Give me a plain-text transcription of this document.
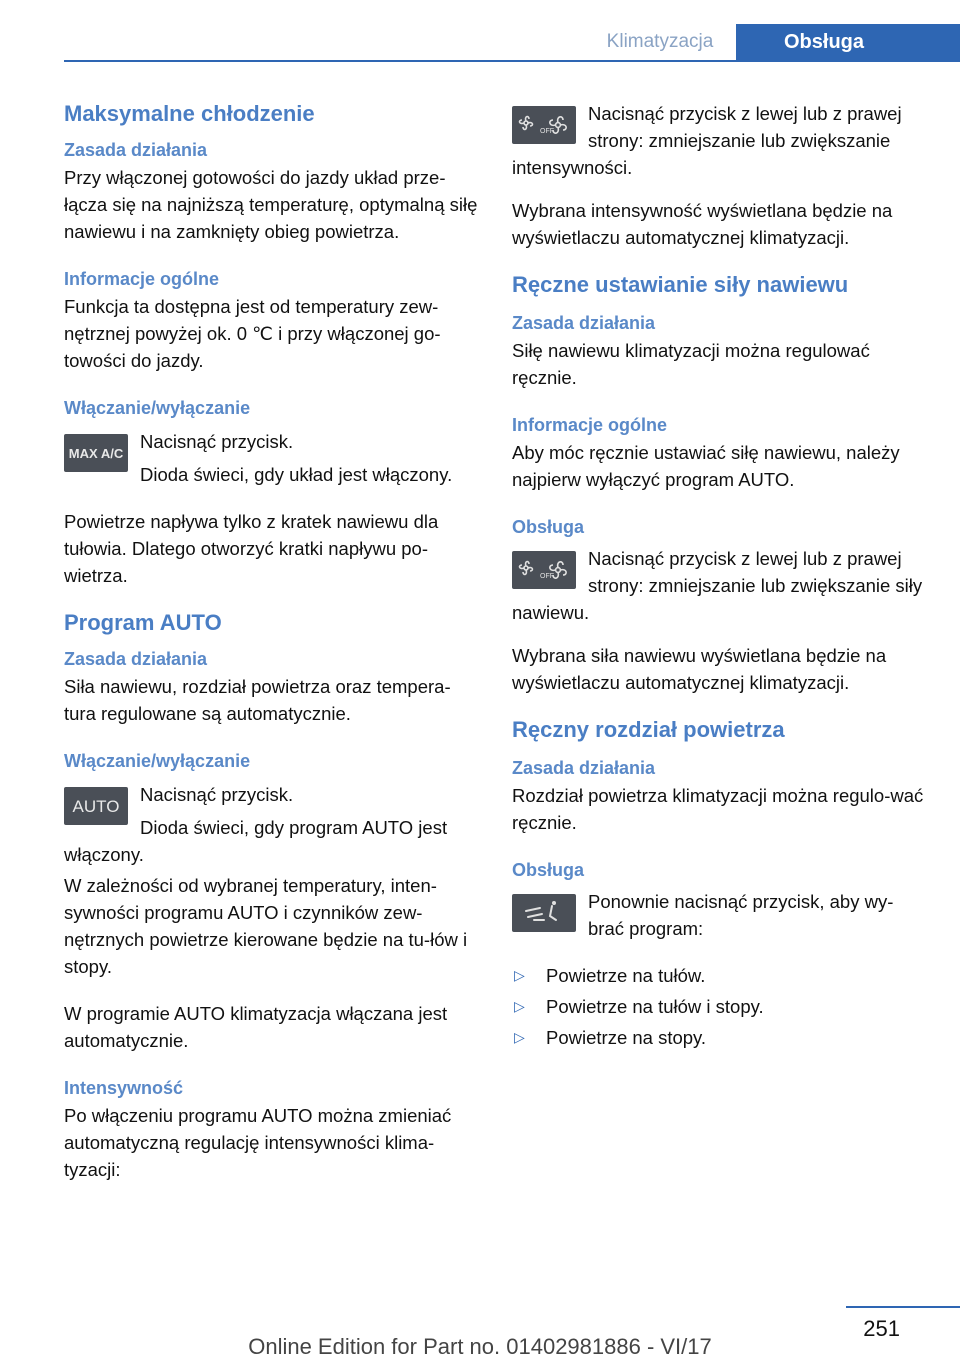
Klimatyzacja	Obsługa
Maksymalne chłodzenie
Zasada działania

Przy włączonej gotowości do jazdy układ prze‐łącza się na najniższą temperaturę, optymalną siłę nawiewu i na zamknięty obieg powietrza.

Informacje ogólne

Funkcja ta dostępna jest od temperatury zew‐nętrznej powyżej ok. 0 ℃ i przy włączonej go‐towości do jazdy.

Włączanie/wyłączanie
MAX A/C

Nacisnąć przycisk.

Dioda świeci, gdy układ jest włączony.

Powietrze napływa tylko z kratek nawiewu dla tułowia. Dlatego otworzyć kratki napływu po‐wietrza.

Program AUTO
Zasada działania

Siła nawiewu, rozdział powietrza oraz tempera‐tura regulowane są automatycznie.

Włączanie/wyłączanie
AUTO

Nacisnąć przycisk.

Dioda świeci, gdy program AUTO jest włączony.

W zależności od wybranej temperatury, inten‐sywności programu AUTO i czynników zew‐nętrznych powietrze kierowane będzie na tu‐łów i stopy.

W programie AUTO klimatyzacja włączana jest automatycznie.

Intensywność

Po włączeniu programu AUTO można zmieniać automatyczną regulację intensywności klima‐tyzacji:

OFF

Nacisnąć przycisk z lewej lub z prawej strony: zmniejszanie lub zwiększanie intensywności.

Wybrana intensywność wyświetlana będzie na wyświetlaczu automatycznej klimatyzacji.

Ręczne ustawianie siły nawiewu
Zasada działania

Siłę nawiewu klimatyzacji można regulować ręcznie.

Informacje ogólne

Aby móc ręcznie ustawiać siłę nawiewu, należy najpierw wyłączyć program AUTO.

Obsługa
OFF

Nacisnąć przycisk z lewej lub z prawej strony: zmniejszanie lub zwiększanie siły nawiewu.

Wybrana siła nawiewu wyświetlana będzie na wyświetlaczu automatycznej klimatyzacji.

Ręczny rozdział powietrza
Zasada działania

Rozdział powietrza klimatyzacji można regulo‐wać ręcznie.

Obsługa

Ponownie nacisnąć przycisk, aby wy‐brać program:

▷ Powietrze na tułów.
▷ Powietrze na tułów i stopy.
▷ Powietrze na stopy.
251
Online Edition for Part no. 01402981886 - VI/17
